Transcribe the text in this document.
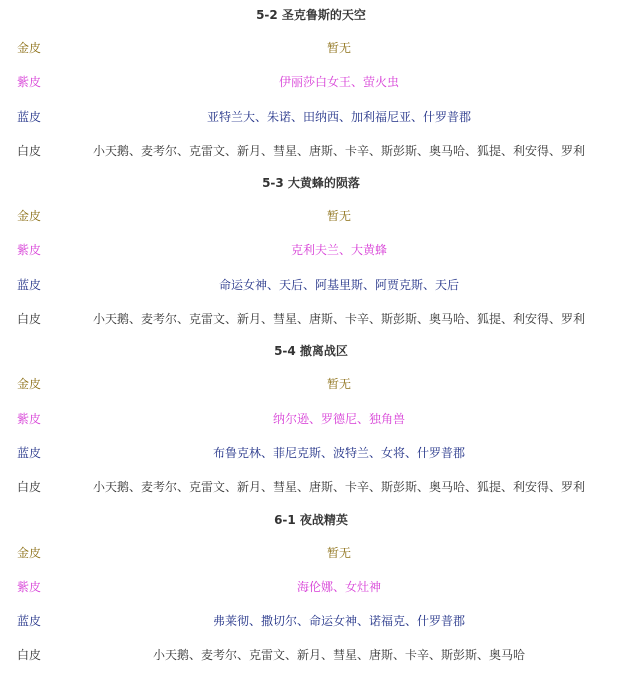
5-2 圣克鲁斯的天空
金皮	暂无
紫皮	伊丽莎白女王、萤火虫
蓝皮	亚特兰大、朱诺、田纳西、加利福尼亚、什罗普郡
白皮	小天鹅、麦考尔、克雷文、新月、彗星、唐斯、卡辛、斯彭斯、奥马哈、狐提、利安得、罗利
5-3 大黄蜂的陨落
金皮	暂无
紫皮	克利夫兰、大黄蜂
蓝皮	命运女神、天后、阿基里斯、阿贾克斯、天后
白皮	小天鹅、麦考尔、克雷文、新月、彗星、唐斯、卡辛、斯彭斯、奥马哈、狐提、利安得、罗利
5-4 撤离战区
金皮	暂无
紫皮	纳尔逊、罗德尼、独角兽
蓝皮	布鲁克林、菲尼克斯、波特兰、女将、什罗普郡
白皮	小天鹅、麦考尔、克雷文、新月、彗星、唐斯、卡辛、斯彭斯、奥马哈、狐提、利安得、罗利
6-1 夜战精英
金皮	暂无
紫皮	海伦娜、女灶神
蓝皮	弗莱彻、撒切尔、命运女神、诺福克、什罗普郡
白皮	小天鹅、麦考尔、克雷文、新月、彗星、唐斯、卡辛、斯彭斯、奥马哈
